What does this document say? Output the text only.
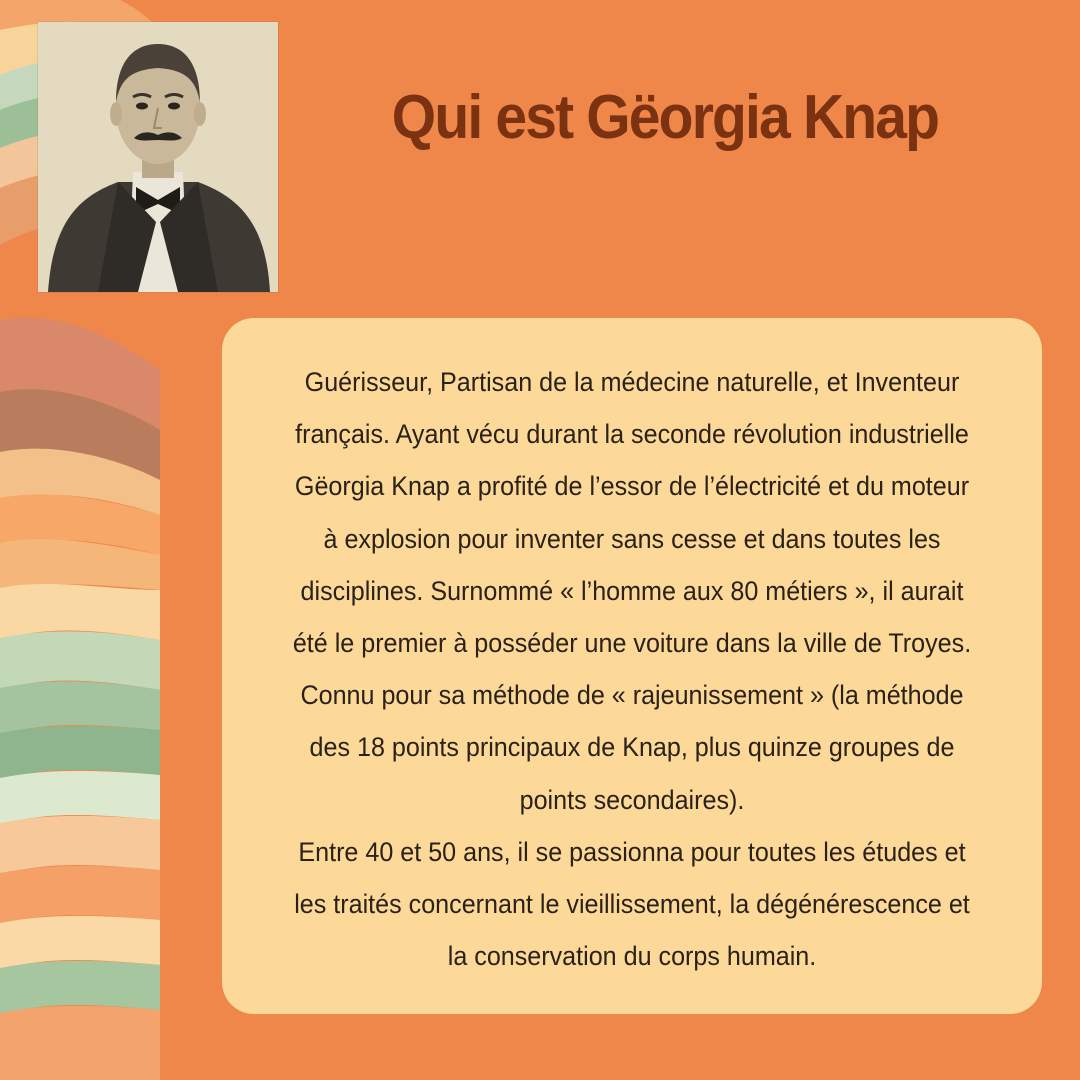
Qui est Gëorgia Knap

Guérisseur, Partisan de la médecine naturelle, et Inventeur
français. Ayant vécu durant la seconde révolution industrielle
Gëorgia Knap a profité de l’essor de l’électricité et du moteur
à explosion pour inventer sans cesse et dans toutes les
disciplines. Surnommé « l’homme aux 80 métiers », il aurait
été le premier à posséder une voiture dans la ville de Troyes.
Connu pour sa méthode de « rajeunissement » (la méthode
des 18 points principaux de Knap, plus quinze groupes de
points secondaires).

Entre 40 et 50 ans, il se passionna pour toutes les études et
les traités concernant le vieillissement, la dégénérescence et
la conservation du corps humain.
